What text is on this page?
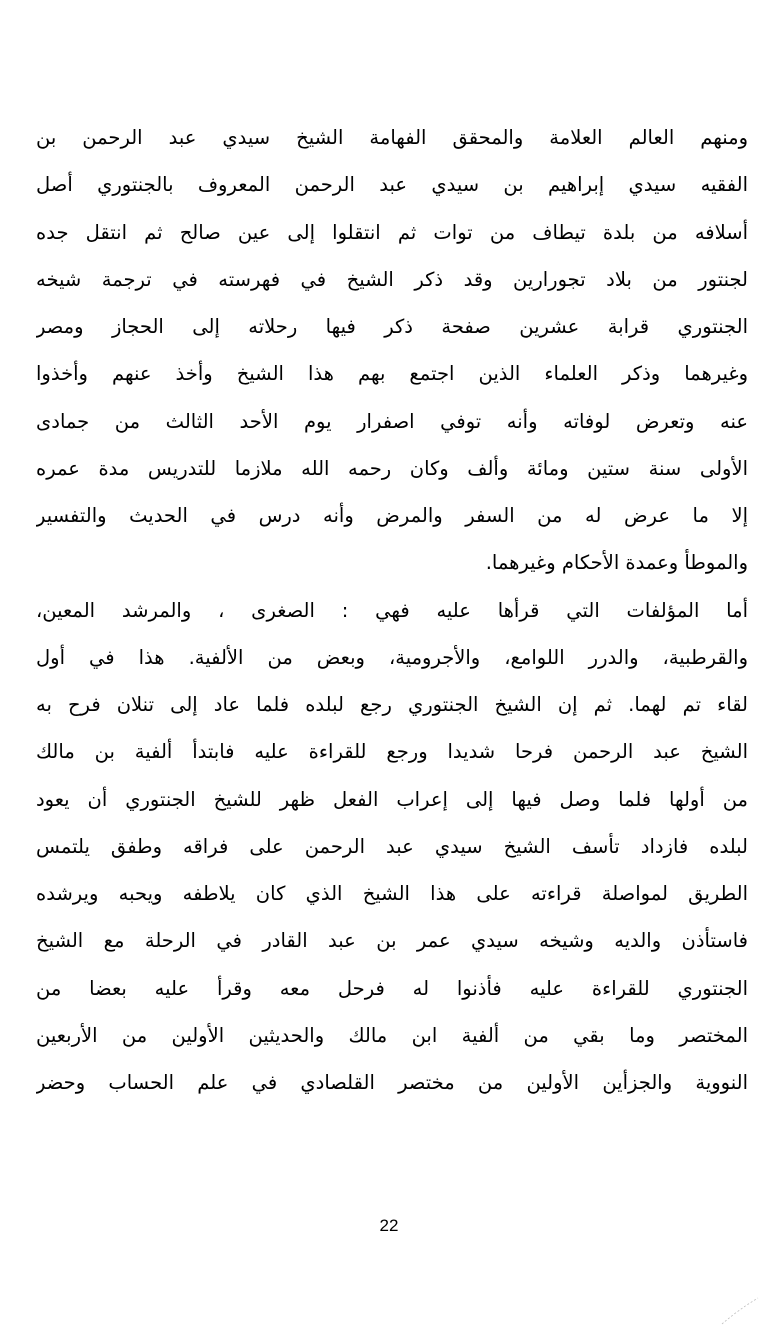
ومنهم العالم العلامة والمحقق الفهامة الشيخ سيدي عبد الرحمن بن
الفقيه سيدي إبراهيم بن سيدي عبد الرحمن المعروف بالجنتوري أصل
أسلافه من بلدة تيطاف من توات ثم انتقلوا إلى عين صالح ثم انتقل جده
لجنتور من بلاد تجورارين وقد ذكر الشيخ في فهرسته في ترجمة شيخه
الجنتوري قرابة عشرين صفحة ذكر فيها رحلاته إلى الحجاز ومصر
وغيرهما وذكر العلماء الذين اجتمع بهم هذا الشيخ وأخذ عنهم وأخذوا
عنه وتعرض لوفاته وأنه توفي اصفرار يوم الأحد الثالث من جمادى
الأولى سنة ستين ومائة وألف وكان رحمه الله ملازما للتدريس مدة عمره
إلا ما عرض له من السفر والمرض وأنه درس في الحديث والتفسير
والموطأ وعمدة الأحكام وغيرهما.
أما المؤلفات التي قرأها عليه فهي : الصغرى ، والمرشد المعين،
والقرطبية، والدرر اللوامع، والأجرومية، وبعض من الألفية. هذا في أول
لقاء تم لهما. ثم إن الشيخ الجنتوري رجع لبلده فلما عاد إلى تنلان فرح به
الشيخ عبد الرحمن فرحا شديدا ورجع للقراءة عليه فابتدأ ألفية بن مالك
من أولها فلما وصل فيها إلى إعراب الفعل ظهر للشيخ الجنتوري أن يعود
لبلده فازداد تأسف الشيخ سيدي عبد الرحمن على فراقه وطفق يلتمس
الطريق لمواصلة قراءته على هذا الشيخ الذي كان يلاطفه ويحبه ويرشده
فاستأذن والديه وشيخه سيدي عمر بن عبد القادر في الرحلة مع الشيخ
الجنتوري للقراءة عليه فأذنوا له فرحل معه وقرأ عليه بعضا من
المختصر وما بقي من ألفية ابن مالك والحديثين الأولين من الأربعين
النووية والجزأين الأولين من مختصر القلصادي في علم الحساب وحضر
22
